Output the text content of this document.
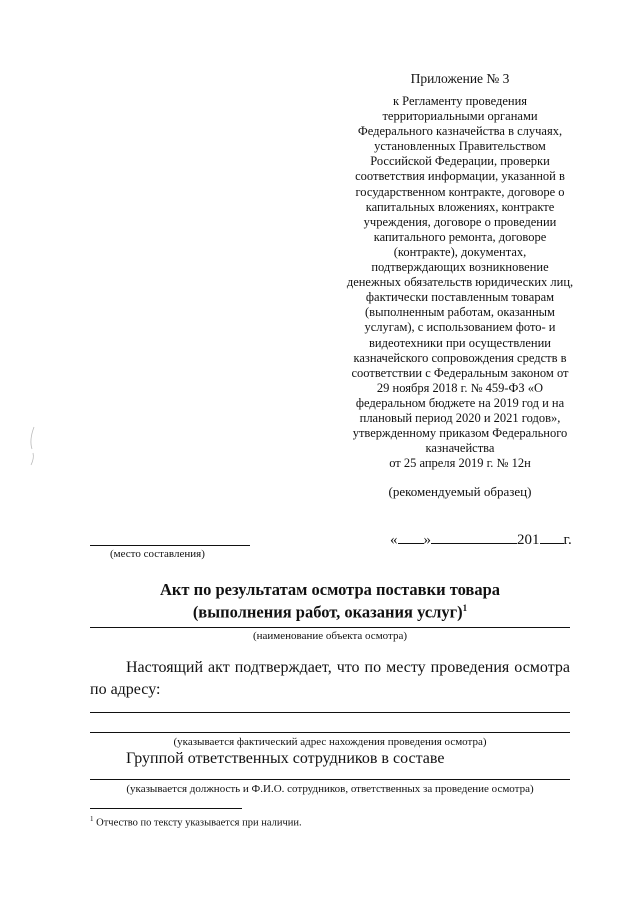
Приложение № 3
к Регламенту проведения
территориальными органами
Федерального казначейства в случаях,
установленных Правительством
Российской Федерации, проверки
соответствия информации, указанной в
государственном контракте, договоре о
капитальных вложениях, контракте
учреждения, договоре о проведении
капитального ремонта, договоре
(контракте), документах,
подтверждающих возникновение
денежных обязательств юридических лиц,
фактически поставленным товарам
(выполненным работам, оказанным
услугам), с использованием фото- и
видеотехники при осуществлении
казначейского сопровождения средств в
соответствии с Федеральным законом от
29 ноября 2018 г. № 459-ФЗ «О
федеральном бюджете на 2019 год и на
плановый период 2020 и 2021 годов»,
утвержденному приказом Федерального
казначейства
от 25 апреля 2019 г. № 12н
(рекомендуемый образец)
(место составления)
« »	201 г.
Акт по результатам осмотра поставки товара
(выполнения работ, оказания услуг)$^1$
(наименование объекта осмотра)
Настоящий акт подтверждает, что по месту проведения осмотра по адресу:
(указывается фактический адрес нахождения проведения осмотра)
Группой ответственных сотрудников в составе
(указывается должность и Ф.И.О. сотрудников, ответственных за проведение осмотра)
$^1$ Отчество по тексту указывается при наличии.
